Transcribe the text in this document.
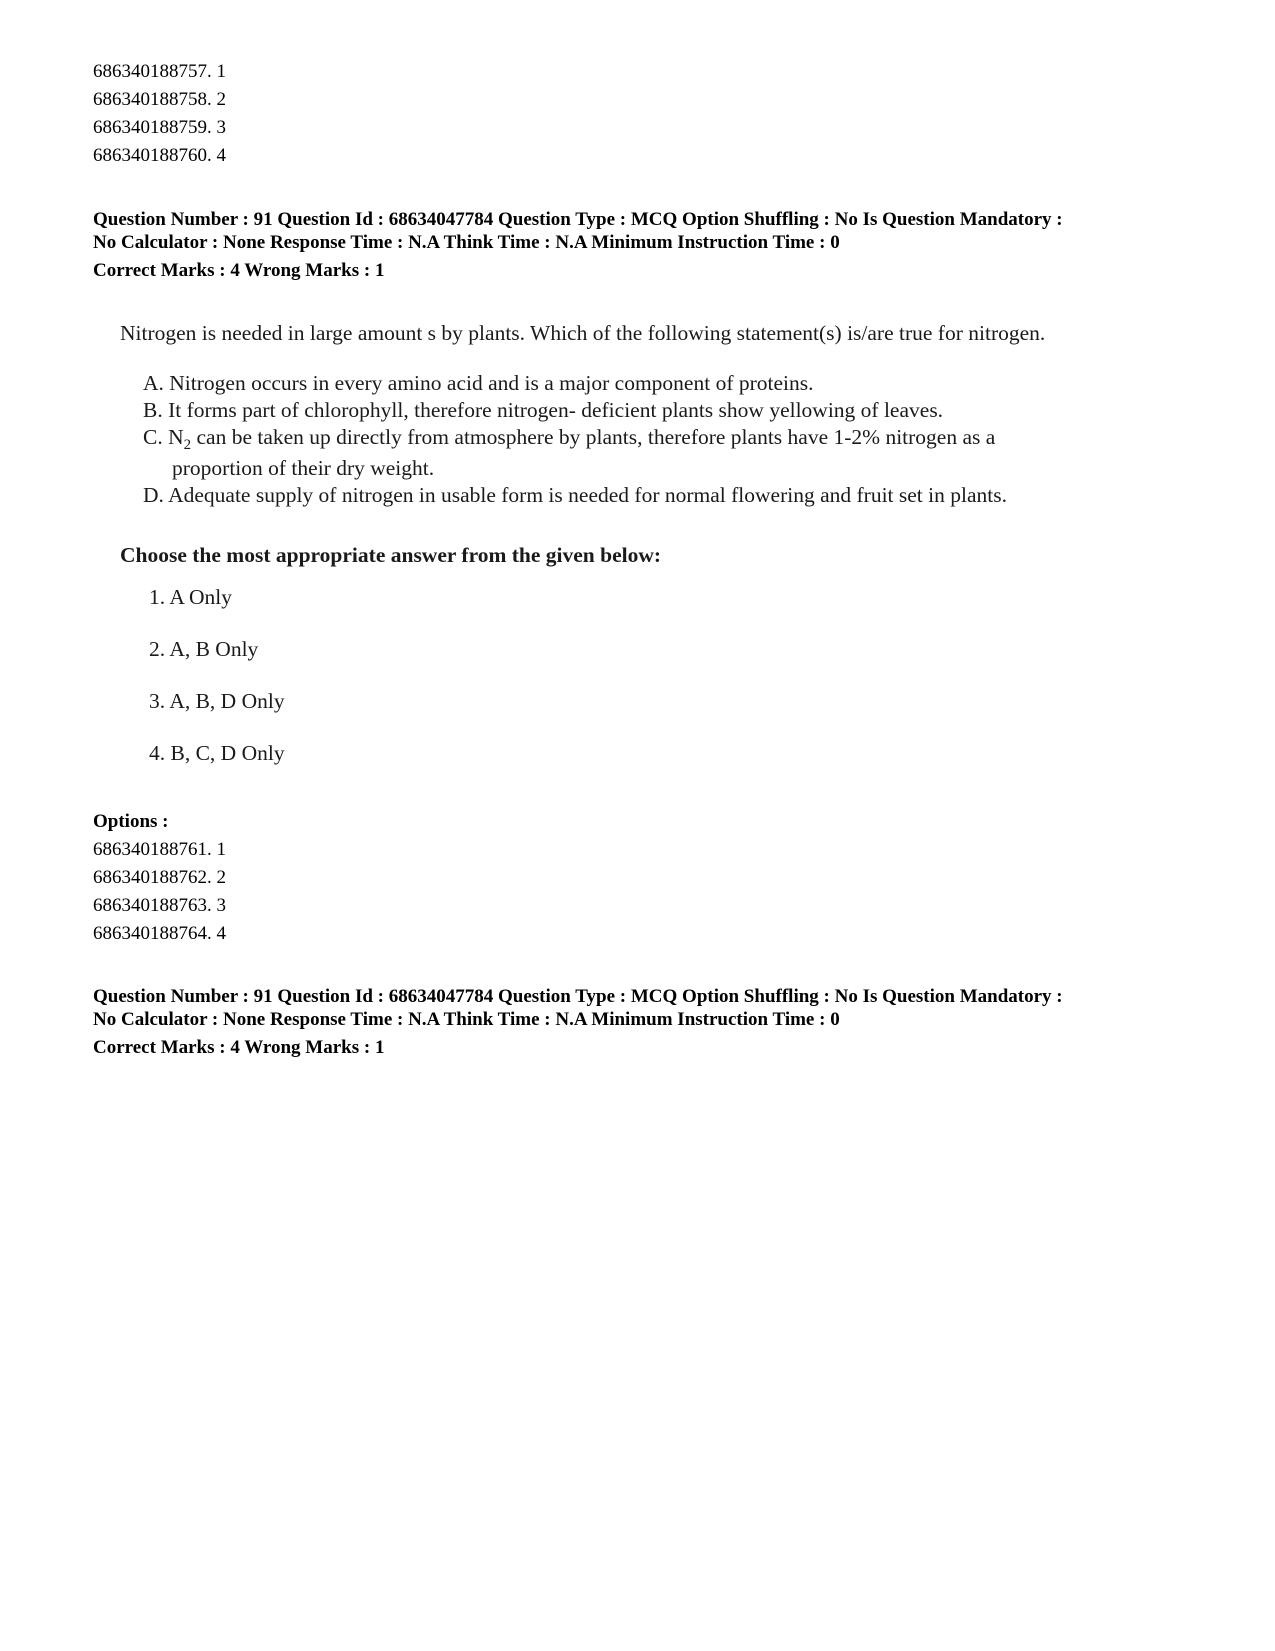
686340188757. 1
686340188758. 2
686340188759. 3
686340188760. 4
Question Number : 91 Question Id : 68634047784 Question Type : MCQ Option Shuffling : No Is Question Mandatory :
No Calculator : None Response Time : N.A Think Time : N.A Minimum Instruction Time : 0
Correct Marks : 4 Wrong Marks : 1
Nitrogen is needed in large amount s by plants. Which of the following statement(s) is/are true for nitrogen.
A. Nitrogen occurs in every amino acid and is a major component of proteins.
B. It forms part of chlorophyll, therefore nitrogen- deficient plants show yellowing of leaves.
C. $N_2$ can be taken up directly from atmosphere by plants, therefore plants have 1-2% nitrogen as a
proportion of their dry weight.
D. Adequate supply of nitrogen in usable form is needed for normal flowering and fruit set in plants.
Choose the most appropriate answer from the given below:
1. A Only
2. A, B Only
3. A, B, D Only
4. B, C, D Only
Options :
686340188761. 1
686340188762. 2
686340188763. 3
686340188764. 4
Question Number : 91 Question Id : 68634047784 Question Type : MCQ Option Shuffling : No Is Question Mandatory :
No Calculator : None Response Time : N.A Think Time : N.A Minimum Instruction Time : 0
Correct Marks : 4 Wrong Marks : 1
